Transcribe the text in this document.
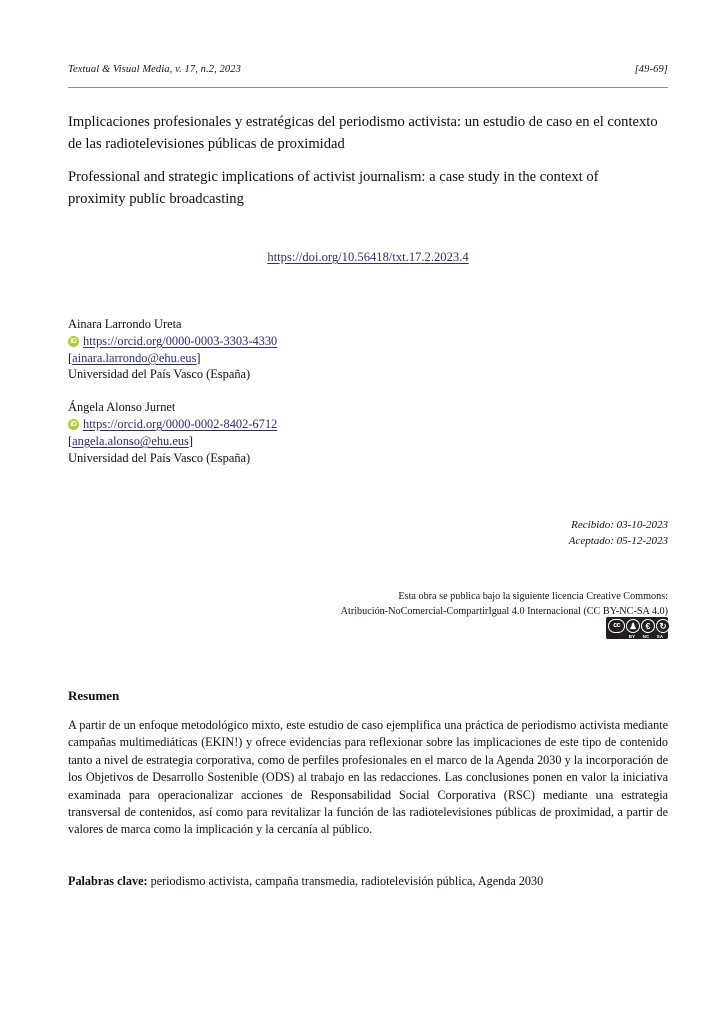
Textual & Visual Media, v. 17, n.2, 2023	[49-69]
Implicaciones profesionales y estratégicas del periodismo activista: un estudio de caso en el contexto de las radiotelevisiones públicas de proximidad
Professional and strategic implications of activist journalism: a case study in the context of proximity public broadcasting
https://doi.org/10.56418/txt.17.2.2023.4
Ainara Larrondo Ureta
iD https://orcid.org/0000-0003-3303-4330
[ainara.larrondo@ehu.eus]
Universidad del País Vasco (España)
Ángela Alonso Jurnet
iD https://orcid.org/0000-0002-8402-6712
[angela.alonso@ehu.eus]
Universidad del País Vasco (España)
Recibido: 03-10-2023
Aceptado: 05-12-2023
Esta obra se publica bajo la siguiente licencia Creative Commons:
Atribución-NoComercial-CompartirIgual 4.0 Internacional (CC BY-NC-SA 4.0)
cc	♟	€	↻
BY NC SA
Resumen
A partir de un enfoque metodológico mixto, este estudio de caso ejemplifica una práctica de periodismo activista mediante campañas multimediáticas (EKIN!) y ofrece evidencias para reflexionar sobre las implicaciones de este tipo de contenido tanto a nivel de estrategia corporativa, como de perfiles profesionales en el marco de la Agenda 2030 y la incorporación de los Objetivos de Desarrollo Sostenible (ODS) al trabajo en las redacciones. Las conclusiones ponen en valor la iniciativa examinada para operacionalizar acciones de Responsabilidad Social Corporativa (RSC) mediante una estrategia transversal de contenidos, así como para revitalizar la función de las radiotelevisiones públicas de proximidad, a partir de valores de marca como la implicación y la cercanía al público.
Palabras clave: periodismo activista, campaña transmedia, radiotelevisión pública, Agenda 2030
